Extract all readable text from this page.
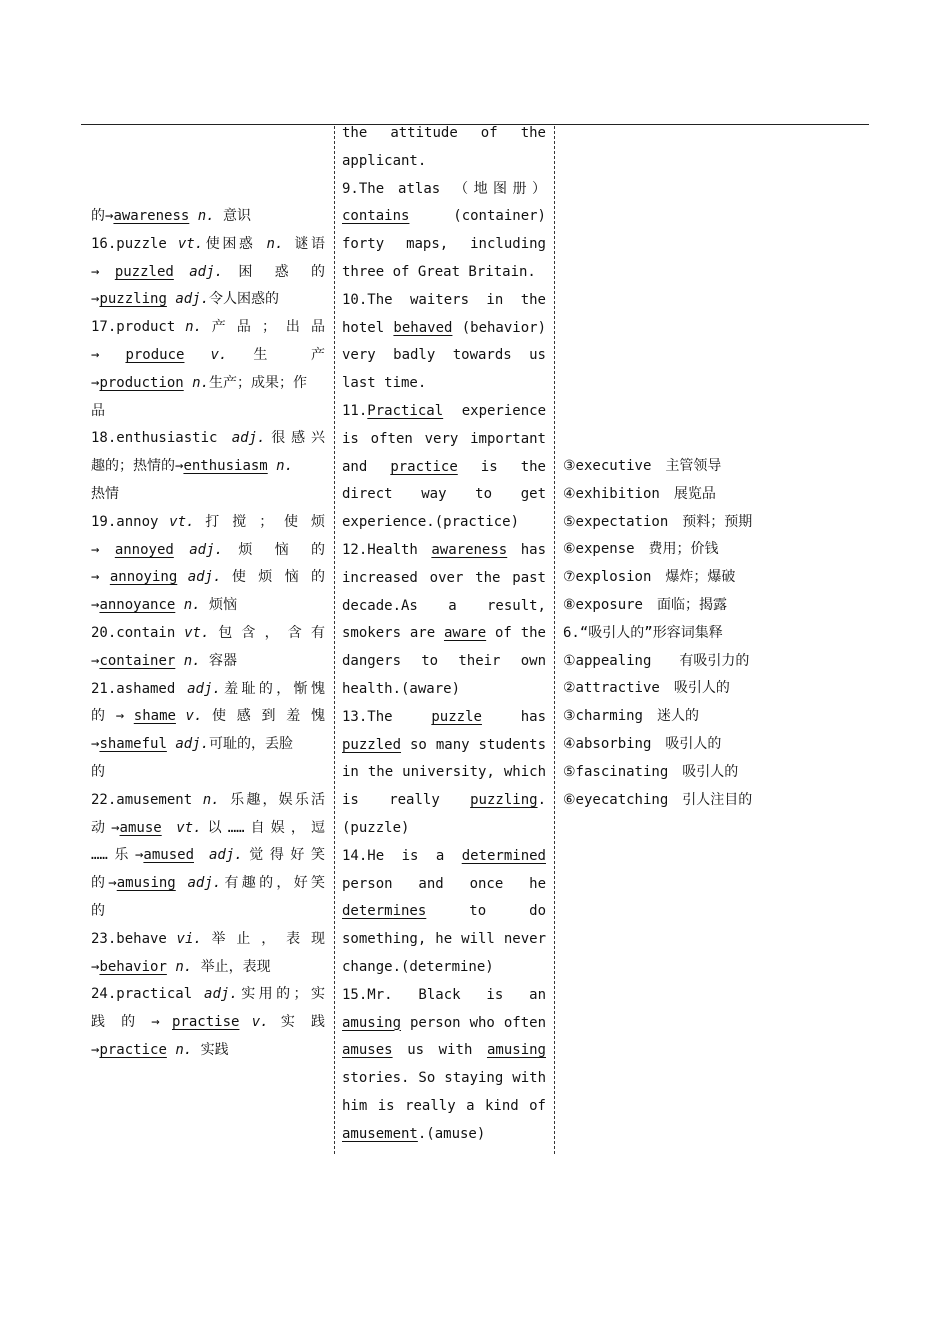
的→awareness n. 意识
16.puzzle vt.使困惑 n. 谜语
→ puzzled adj. 困 惑 的
→puzzling adj.令人困惑的
17.product n. 产 品 ； 出 品
→ produce v. 生 产
→production n.生产；成果；作
品
18.enthusiastic adj.很感兴
趣的；热情的→enthusiasm n.
热情
19.annoy vt. 打 搅 ； 使 烦
→ annoyed adj. 烦 恼 的
→ annoying adj. 使 烦 恼 的
→annoyance n. 烦恼
20.contain vt. 包 含 ， 含 有
→container n. 容器
21.ashamed adj.羞耻的，惭愧
的 → shame v. 使 感 到 羞 愧
→shameful adj.可耻的，丢脸
的
22.amusement n. 乐趣，娱乐活
动→amuse vt.以……自娱，逗
……乐→amused adj.觉得好笑
的→amusing adj.有趣的，好笑
的
23.behave vi. 举 止 ， 表 现
→behavior n. 举止，表现
24.practical adj.实用的；实
践 的 → practise v. 实 践
→practice n. 实践
the attitude of the
applicant.
9.The atlas （地图册）
contains (container)
forty maps, including
three of Great Britain.
10.The waiters in the
hotel behaved (behavior)
very badly towards us
last time.
11.Practical experience
is often very important
and practice is the
direct way to get
experience.(practice)
12.Health awareness has
increased over the past
decade.As a result,
smokers are aware of the
dangers to their own
health.(aware)
13.The puzzle has
puzzled so many students
in the university, which
is really puzzling.
(puzzle)
14.He is a determined
person and once he
determines to do
something, he will never
change.(determine)
15.Mr. Black is an
amusing person who often
amuses us with amusing
stories. So staying with
him is really a kind of
amusement.(amuse)
③executive　主管领导
④exhibition　展览品
⑤expectation　预料；预期
⑥expense　费用；价钱
⑦explosion　爆炸；爆破
⑧exposure　面临；揭露
6.“吸引人的”形容词集释
①appealing　　有吸引力的
②attractive　吸引人的
③charming　迷人的
④absorbing　吸引人的
⑤fascinating　吸引人的
⑥eyecatching　引人注目的
